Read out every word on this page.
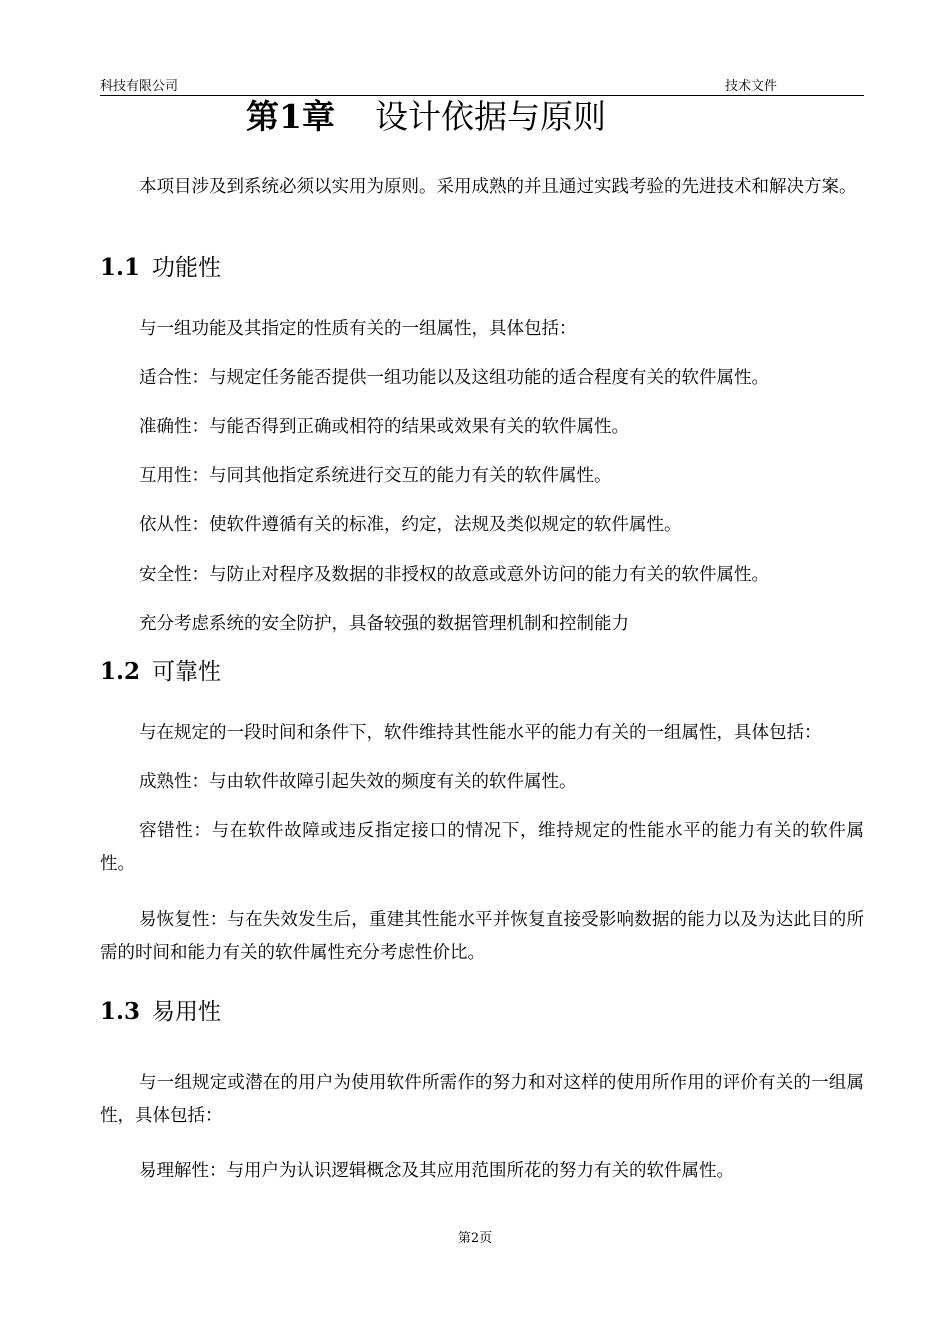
科技有限公司	技术文件
第1章 设计依据与原则

本项目涉及到系统必须以实用为原则。采用成熟的并且通过实践考验的先进技术和解决方案。

1.1 功能性

与一组功能及其指定的性质有关的一组属性，具体包括：

适合性：与规定任务能否提供一组功能以及这组功能的适合程度有关的软件属性。

准确性：与能否得到正确或相符的结果或效果有关的软件属性。

互用性：与同其他指定系统进行交互的能力有关的软件属性。

依从性：使软件遵循有关的标准，约定，法规及类似规定的软件属性。

安全性：与防止对程序及数据的非授权的故意或意外访问的能力有关的软件属性。

充分考虑系统的安全防护，具备较强的数据管理机制和控制能力

1.2 可靠性

与在规定的一段时间和条件下，软件维持其性能水平的能力有关的一组属性，具体包括：

成熟性：与由软件故障引起失效的频度有关的软件属性。

容错性：与在软件故障或违反指定接口的情况下，维持规定的性能水平的能力有关的软件属性。

易恢复性：与在失效发生后，重建其性能水平并恢复直接受影响数据的能力以及为达此目的所需的时间和能力有关的软件属性充分考虑性价比。

1.3 易用性

与一组规定或潜在的用户为使用软件所需作的努力和对这样的使用所作用的评价有关的一组属性，具体包括：

易理解性：与用户为认识逻辑概念及其应用范围所花的努力有关的软件属性。

第2页
